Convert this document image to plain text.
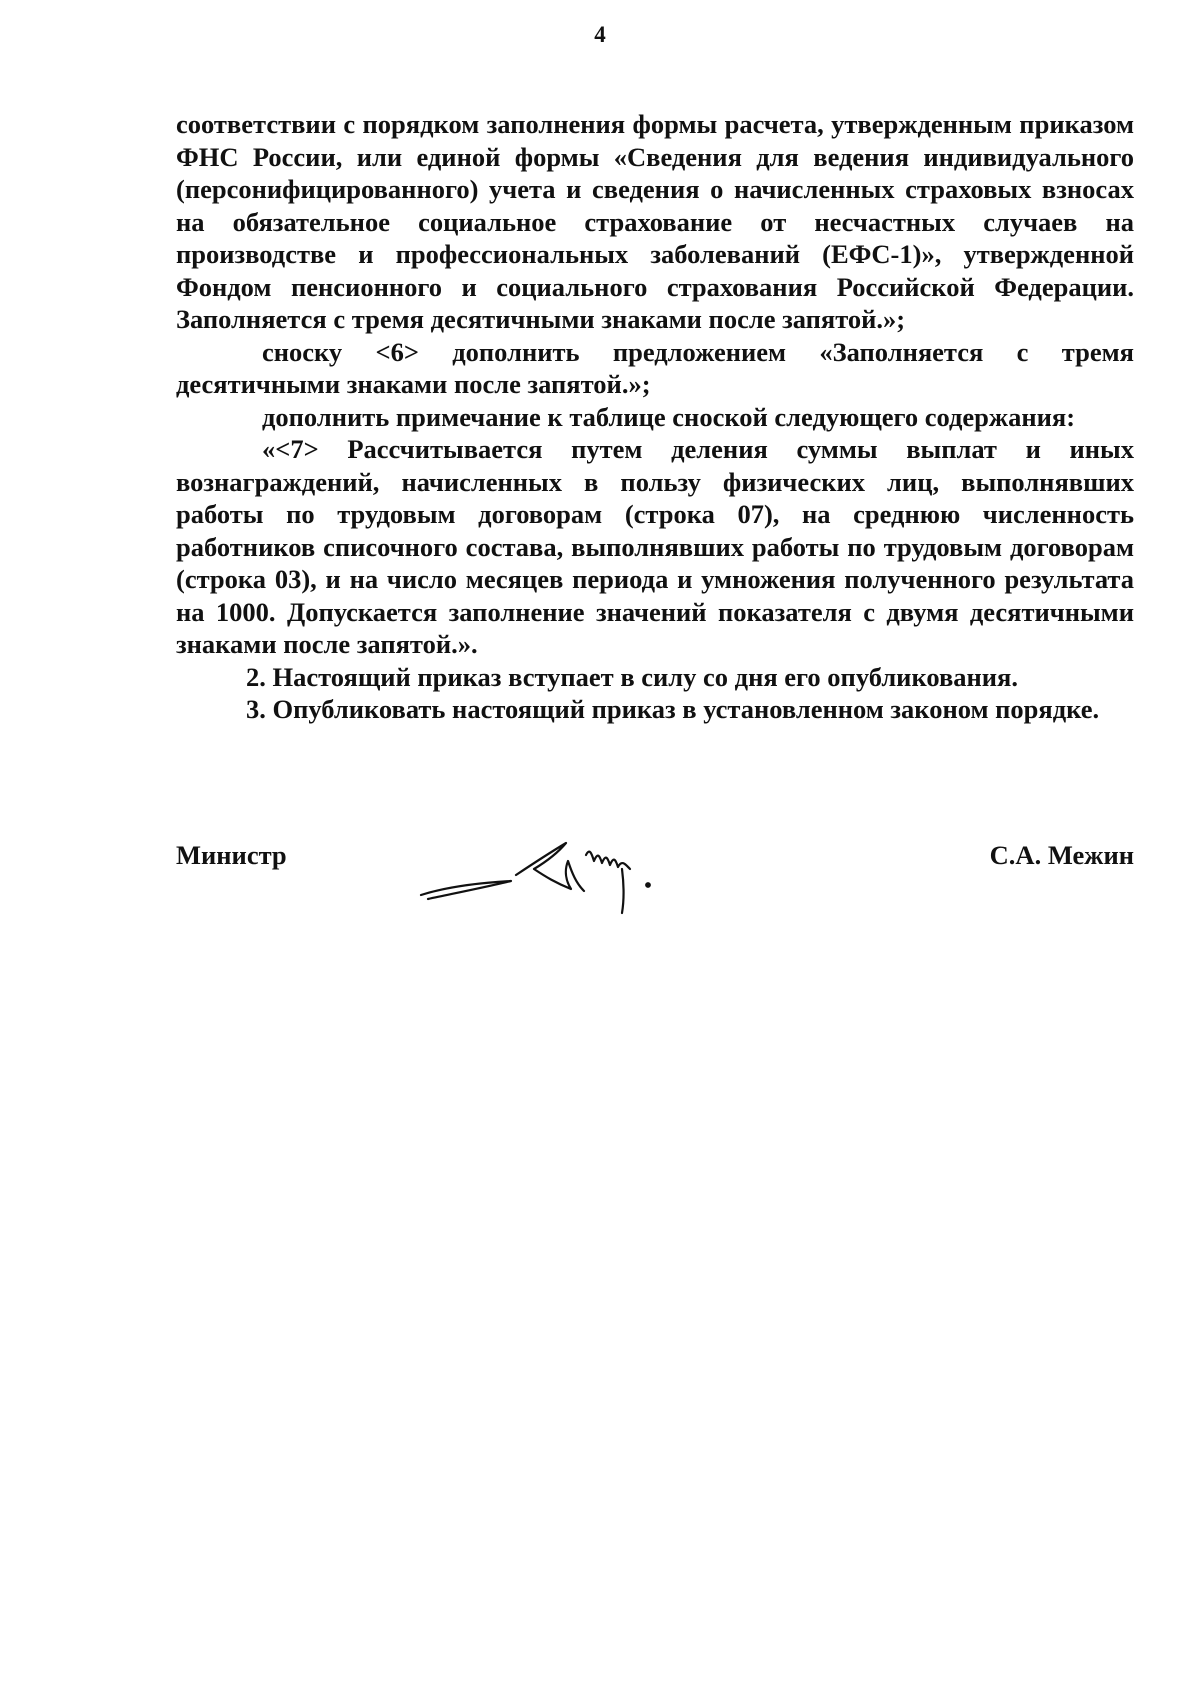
4

соответствии с порядком заполнения формы расчета, утвержденным приказом ФНС России, или единой формы «Сведения для ведения индивидуального (персонифицированного) учета и сведения о начисленных страховых взносах на обязательное социальное страхование от несчастных случаев на производстве и профессиональных заболеваний (ЕФС-1)», утвержденной Фондом пенсионного и социального страхования Российской Федерации. Заполняется с тремя десятичными знаками после запятой.»;

сноску <6> дополнить предложением «Заполняется с тремя десятичными знаками после запятой.»;

дополнить примечание к таблице сноской следующего содержания:

«<7> Рассчитывается путем деления суммы выплат и иных вознаграждений, начисленных в пользу физических лиц, выполнявших работы по трудовым договорам (строка 07), на среднюю численность работников списочного состава, выполнявших работы по трудовым договорам (строка 03), и на число месяцев периода и умножения полученного результата на 1000. Допускается заполнение значений показателя с двумя десятичными знаками после запятой.».

2. Настоящий приказ вступает в силу со дня его опубликования.

3. Опубликовать настоящий приказ в установленном законом порядке.

Министр	С.А. Межин
